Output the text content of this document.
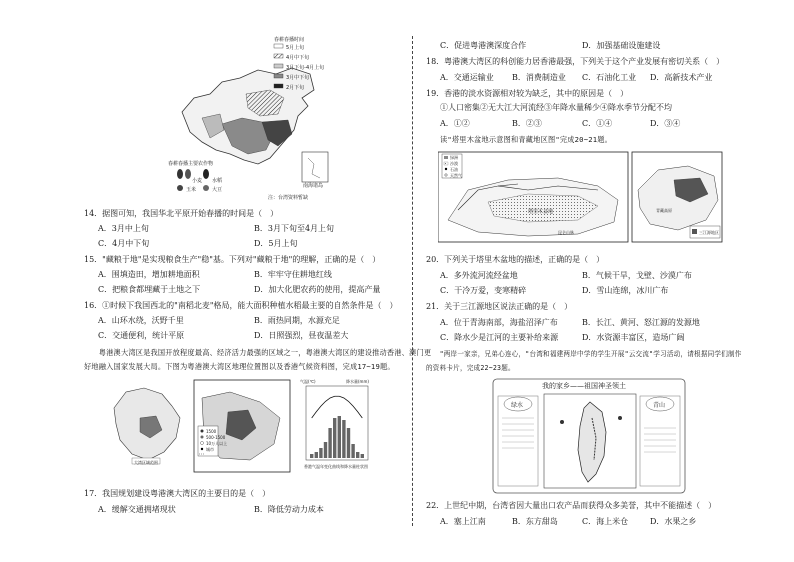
春耕春播时间
5月上旬
4月中下旬
3月下旬-4月上旬
3月中下旬
2月下旬
春耕春播主要农作物
小麦 水稻
玉米	大豆
南海诸岛
注：台湾资料暂缺
14．据图可知，我国华北平原开始春播的时间是（　）
A．3月中上旬	B．3月下旬至4月上旬
C．4月中下旬	D．5月上旬
15．"藏粮于地"是实现粮食生产"稳"基。下列对"藏粮于地"的理解，正确的是（　）
A．围填造田，增加耕地面积	B．牢牢守住耕地红线
C．把粮食都埋藏于土地之下	D．加大化肥农药的使用，提高产量
16．①时候下我国西北的"南稻北麦"格局，能大面积种植水稻最主要的自然条件是（　）
A．山环水绕，沃野千里	B．雨热同期，水源充足
C．交通便利，统计平原	D．日照强烈，昼夜温差大
　　粤港澳大湾区是我国开放程度最高、经济活力最强的区域之一，粤港澳大湾区的建设推动香港、澳门更
好地融入国家发展大局。下图为粤港澳大湾区地理位置图以及香港气候资料图，完成17~19题。
1500
500-1500
10万人以上
城市
大湾区域范围
气温(℃)	降水量(mm)
香港气温年变化曲线和降水量柱状图
17．我国规划建设粤港澳大湾区的主要目的是（　）
A．缓解交通拥堵现状	B．降低劳动力成本
C．促进粤港澳深度合作	D．加强基础设施建设
18．粤港澳大湾区的科创能力居香港最强，下列关于这个产业发展有密切关系（　）
A．交通运输业 B．消费制造业 C．石油化工业 D．高新技术产业
19．香港的淡水资源相对较为缺乏，其中的原因是（　）
①人口密集②无大江大河流经③年降水量稀少④降水季节分配不均
A．①②	B．②③	C．①④	D．③④
读"塔里木盆地示意图和青藏地区图"完成20~21题。
绿洲
沙漠
石油
天然气
塔里木盆地
昆仑山脉
青藏高原
三江源地区
20．下列关于塔里木盆地的描述，正确的是（　）
A．多外流河流经盆地	B．气候干旱，戈壁、沙漠广布
C．干冷万爱，变寒精碎	D．雪山连绵，冰川广布
21．关于三江源地区说法正确的是（　）
A．位于青海南部，海盐沼泽广布	B．长江、黄河、怒江源的发源地
C．降水少是江河的主要补给来源	D．水资源丰富区，造场广阔
　　"两岸一家亲，兄弟心连心，"台湾和福建两岸中学的学生开展"云交流"学习活动，请根据同学们制作
的资料卡片，完成22~23题。
我的家乡——祖国神圣领土
绿水	青山
22．上世纪中期，台湾省因大量出口农产品而获得众多美誉，其中不能描述（　）
A．塞上江南	B．东方甜岛	C．海上米仓	D．水果之乡
